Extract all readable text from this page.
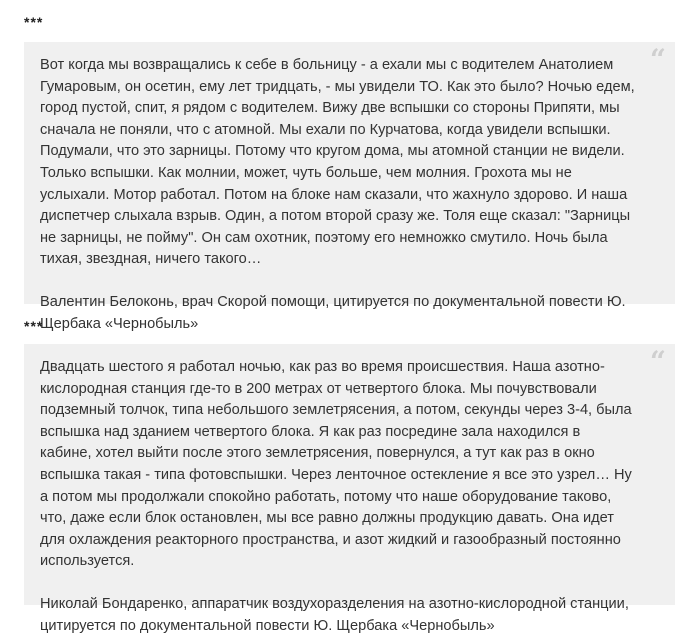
***
“

Вот когда мы возвращались к себе в больницу - а ехали мы с водителем Анатолием Гумаровым, он осетин, ему лет тридцать, - мы увидели ТО. Как это было? Ночью едем, город пустой, спит, я рядом с водителем. Вижу две вспышки со стороны Припяти, мы сначала не поняли, что с атомной. Мы ехали по Курчатова, когда увидели вспышки. Подумали, что это зарницы. Потому что кругом дома, мы атомной станции не видели. Только вспышки. Как молнии, может, чуть больше, чем молния. Грохота мы не услыхали. Мотор работал. Потом на блоке нам сказали, что жахнуло здорово. И наша диспетчер слыхала взрыв. Один, а потом второй сразу же. Толя еще сказал: "Зарницы не зарницы, не пойму". Он сам охотник, поэтому его немножко смутило. Ночь была тихая, звездная, ничего такого…

Валентин Белоконь, врач Скорой помощи, цитируется по документальной повести Ю. Щербака «Чернобыль»

***
“

Двадцать шестого я работал ночью, как раз во время происшествия. Наша азотно-кислородная станция где-то в 200 метрах от четвертого блока. Мы почувствовали подземный толчок, типа небольшого землетрясения, а потом, секунды через 3-4, была вспышка над зданием четвертого блока. Я как раз посредине зала находился в кабине, хотел выйти после этого землетрясения, повернулся, а тут как раз в окно вспышка такая - типа фотовспышки. Через ленточное остекление я все это узрел… Ну а потом мы продолжали спокойно работать, потому что наше оборудование таково, что, даже если блок остановлен, мы все равно должны продукцию давать. Она идет для охлаждения реакторного пространства, и азот жидкий и газообразный постоянно используется.

Николай Бондаренко, аппаратчик воздухоразделения на азотно-кислородной станции, цитируется по документальной повести Ю. Щербака «Чернобыль»
